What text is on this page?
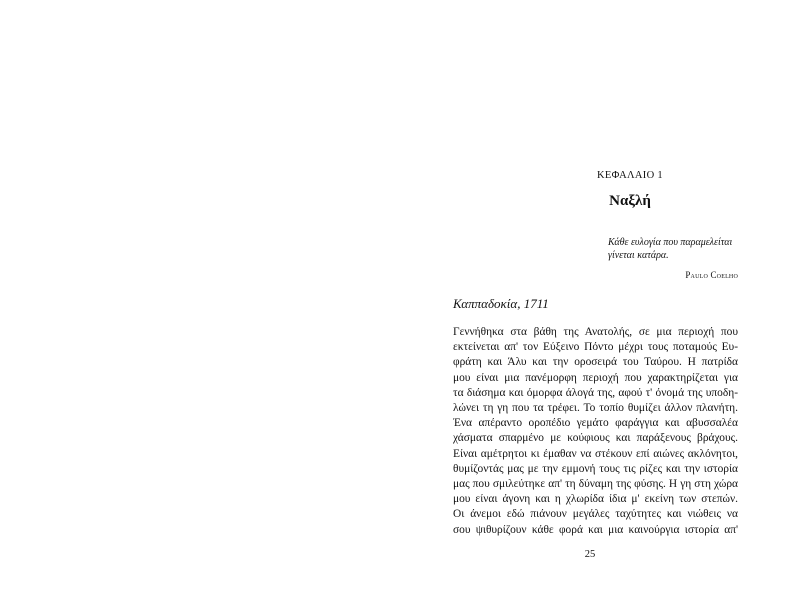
ΚΕΦΑΛΑΙΟ 1
Ναξλή
Κάθε ευλογία που παραμελείται
γίνεται κατάρα.
Paulo Coelho
Καππαδοκία, 1711
Γεννήθηκα στα βάθη της Ανατολής, σε μια περιοχή που
εκτείνεται απ' τον Εύξεινο Πόντο μέχρι τους ποταμούς Ευ-
φράτη και Άλυ και την οροσειρά του Ταύρου. Η πατρίδα
μου είναι μια πανέμορφη περιοχή που χαρακτηρίζεται για
τα διάσημα και όμορφα άλογά της, αφού τ' όνομά της υποδη-
λώνει τη γη που τα τρέφει. Το τοπίο θυμίζει άλλον πλανήτη.
Ένα απέραντο οροπέδιο γεμάτο φαράγγια και αβυσσαλέα
χάσματα σπαρμένο με κούφιους και παράξενους βράχους.
Είναι αμέτρητοι κι έμαθαν να στέκουν επί αιώνες ακλόνητοι,
θυμίζοντάς μας με την εμμονή τους τις ρίζες και την ιστορία
μας που σμιλεύτηκε απ' τη δύναμη της φύσης. Η γη στη χώρα
μου είναι άγονη και η χλωρίδα ίδια μ' εκείνη των στεπών.
Οι άνεμοι εδώ πιάνουν μεγάλες ταχύτητες και νιώθεις να
σου ψιθυρίζουν κάθε φορά και μια καινούργια ιστορία απ'
25
